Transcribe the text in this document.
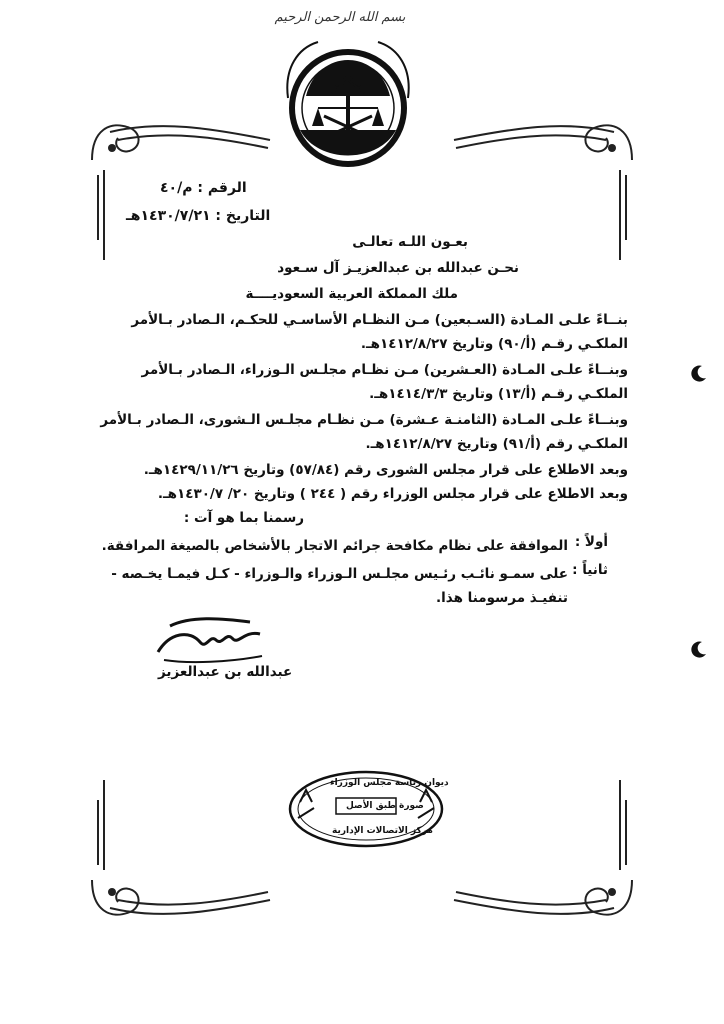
بسم الله الرحمن الرحيم
الرقم : م/٤٠
التاريخ : ١٤٣٠/٧/٢١هـ
بعـون اللـه تعالـى
نحـن عبدالله بن عبدالعزيـز آل سـعود
ملك المملكة العربية السعوديــــة
بنــاءً علـى المـادة (السـبعين) مـن النظـام الأساسـي للحكـم، الـصادر بـالأمر الملكـي رقـم (أ/٩٠) وتاريخ ١٤١٢/٨/٢٧هـ.
وبنــاءً علـى المـادة (العـشرين) مـن نظـام مجلـس الـوزراء، الـصادر بـالأمر الملكـي رقـم (أ/١٣) وتاريخ ١٤١٤/٣/٣هـ.
وبنــاءً علـى المـادة (الثامنـة عـشرة) مـن نظـام مجلـس الـشورى، الـصادر بـالأمر الملكـي رقم (أ/٩١) وتاريخ ١٤١٢/٨/٢٧هـ.
وبعد الاطلاع على قرار مجلس الشورى رقم (٥٧/٨٤) وتاريخ ١٤٢٩/١١/٢٦هـ.
وبعد الاطلاع على قرار مجلس الوزراء رقم ( ٢٤٤ ) وتاريخ ٢٠/ ١٤٣٠/٧هـ.
رسمنا بما هو آت :
أولاً :
الموافقة على نظام مكافحة جرائم الاتجار بالأشخاص بالصيغة المرافقة.
ثانياً :
على سمـو نائـب رئـيس مجلـس الـوزراء والـوزراء - كـل فيمـا يخـصه - تنفيـذ مرسومنا هذا.
عبدالله بن عبدالعزيز
ديوان رئاسة مجلس الوزراء
صورة طبق الأصل
مركز الاتصالات الإدارية
